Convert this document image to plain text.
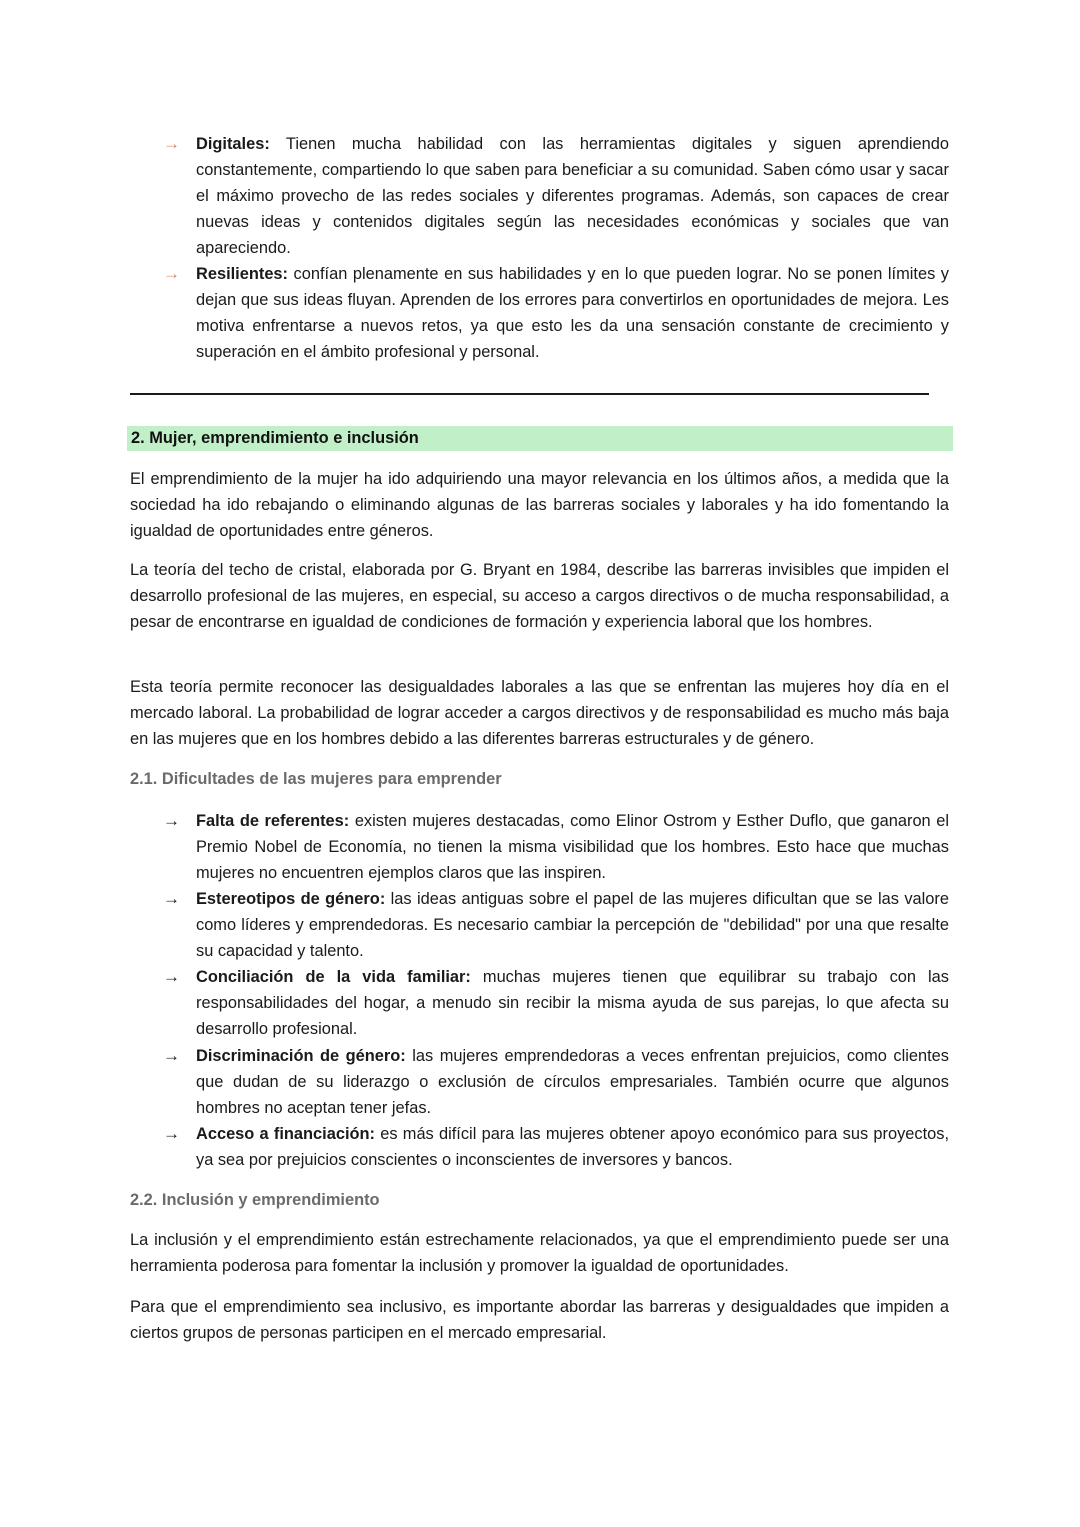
→ Digitales: Tienen mucha habilidad con las herramientas digitales y siguen aprendiendo constantemente, compartiendo lo que saben para beneficiar a su comunidad. Saben cómo usar y sacar el máximo provecho de las redes sociales y diferentes programas. Además, son capaces de crear nuevas ideas y contenidos digitales según las necesidades económicas y sociales que van apareciendo.
→ Resilientes: confían plenamente en sus habilidades y en lo que pueden lograr. No se ponen límites y dejan que sus ideas fluyan. Aprenden de los errores para convertirlos en oportunidades de mejora. Les motiva enfrentarse a nuevos retos, ya que esto les da una sensación constante de crecimiento y superación en el ámbito profesional y personal.
2. Mujer, emprendimiento e inclusión

El emprendimiento de la mujer ha ido adquiriendo una mayor relevancia en los últimos años, a medida que la sociedad ha ido rebajando o eliminando algunas de las barreras sociales y laborales y ha ido fomentando la igualdad de oportunidades entre géneros.

La teoría del techo de cristal, elaborada por G. Bryant en 1984, describe las barreras invisibles que impiden el desarrollo profesional de las mujeres, en especial, su acceso a cargos directivos o de mucha responsabilidad, a pesar de encontrarse en igualdad de condiciones de formación y experiencia laboral que los hombres.

Esta teoría permite reconocer las desigualdades laborales a las que se enfrentan las mujeres hoy día en el mercado laboral. La probabilidad de lograr acceder a cargos directivos y de responsabilidad es mucho más baja en las mujeres que en los hombres debido a las diferentes barreras estructurales y de género.

2.1. Dificultades de las mujeres para emprender
→ Falta de referentes: existen mujeres destacadas, como Elinor Ostrom y Esther Duflo, que ganaron el Premio Nobel de Economía, no tienen la misma visibilidad que los hombres. Esto hace que muchas mujeres no encuentren ejemplos claros que las inspiren.
→ Estereotipos de género: las ideas antiguas sobre el papel de las mujeres dificultan que se las valore como líderes y emprendedoras. Es necesario cambiar la percepción de "debilidad" por una que resalte su capacidad y talento.
→ Conciliación de la vida familiar: muchas mujeres tienen que equilibrar su trabajo con las responsabilidades del hogar, a menudo sin recibir la misma ayuda de sus parejas, lo que afecta su desarrollo profesional.
→ Discriminación de género: las mujeres emprendedoras a veces enfrentan prejuicios, como clientes que dudan de su liderazgo o exclusión de círculos empresariales. También ocurre que algunos hombres no aceptan tener jefas.
→ Acceso a financiación: es más difícil para las mujeres obtener apoyo económico para sus proyectos, ya sea por prejuicios conscientes o inconscientes de inversores y bancos.
2.2. Inclusión y emprendimiento

La inclusión y el emprendimiento están estrechamente relacionados, ya que el emprendimiento puede ser una herramienta poderosa para fomentar la inclusión y promover la igualdad de oportunidades.

Para que el emprendimiento sea inclusivo, es importante abordar las barreras y desigualdades que impiden a ciertos grupos de personas participen en el mercado empresarial.
